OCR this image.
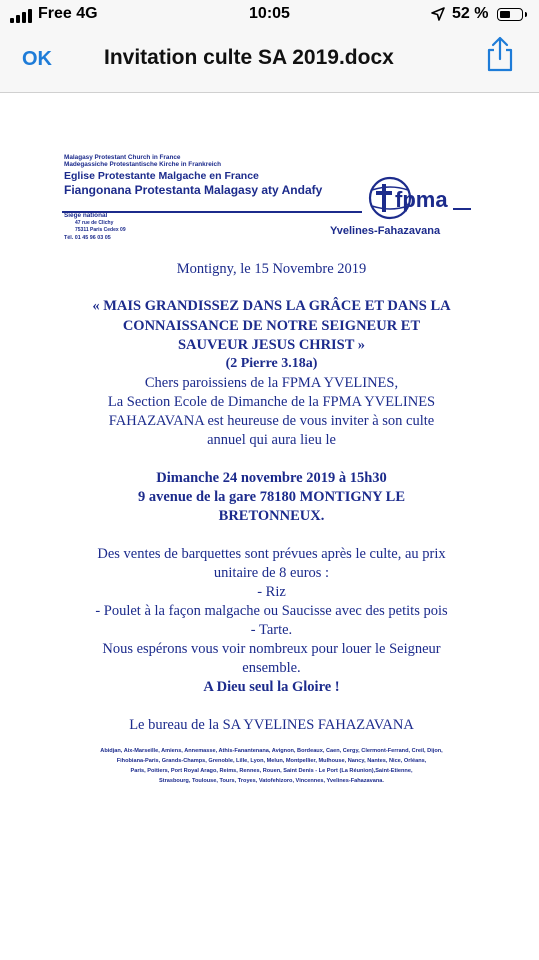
Free 4G	10:05	52 %
OK Invitation culte SA 2019.docx
Malagasy Protestant Church in France
Madegassiche Protestantische Kirche in Frankreich
Eglise Protestante Malgache en France
Fiangonana Protestanta Malagasy aty Andafy
Siège national
47 rue de Clichy
75311 Paris Cedex 09
Tél. 01 45 96 03 05
fpma
Yvelines-Fahazavana
Montigny, le 15 Novembre 2019
« MAIS GRANDISSEZ DANS LA GRÂCE ET DANS LA
CONNAISSANCE DE NOTRE SEIGNEUR ET
SAUVEUR JESUS CHRIST »
(2 Pierre 3.18a)
Chers paroissiens de la FPMA YVELINES,
La Section Ecole de Dimanche de la FPMA YVELINES
FAHAZAVANA est heureuse de vous inviter à son culte
annuel qui aura lieu le
Dimanche 24 novembre 2019 à 15h30
9 avenue de la gare 78180 MONTIGNY LE
BRETONNEUX.
Des ventes de barquettes sont prévues après le culte, au prix
unitaire de 8 euros :
- Riz
- Poulet à la façon malgache ou Saucisse avec des petits pois
- Tarte.
Nous espérons vous voir nombreux pour louer le Seigneur
ensemble.
A Dieu seul la Gloire !
Le bureau de la SA YVELINES FAHAZAVANA
Abidjan, Aix-Marseille, Amiens, Annemasse, Athis-Fanantenana, Avignon, Bordeaux, Caen, Cergy, Clermont-Ferrand, Creil, Dijon,
Fihobiana-Paris, Grands-Champs, Grenoble, Lille, Lyon, Melun, Montpellier, Mulhouse, Nancy, Nantes, Nice, Orléans,
Paris, Poitiers, Port Royal Arago, Reims, Rennes, Rouen, Saint Denis - Le Port (La Réunion),Saint-Etienne,
Strasbourg, Toulouse, Tours, Troyes, Vatofehizoro, Vincennes, Yvelines-Fahazavana.
